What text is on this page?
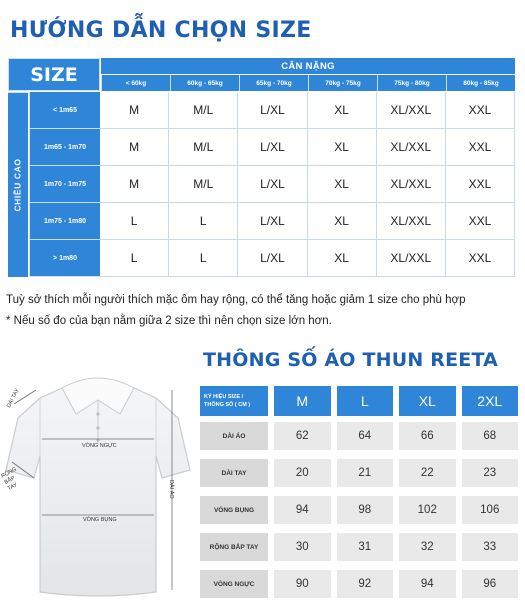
HƯỚNG DẪN CHỌN SIZE
SIZE	CÂN NẶNG
< 60kg	60kg - 65kg	65kg - 70kg	70kg - 75kg	75kg - 80kg	80kg - 85kg
CHIỀU CAO
< 1m65	M	M/L	L/XL	XL	XL/XXL	XXL
1m65 - 1m70	M	M/L	L/XL	XL	XL/XXL	XXL
1m70 - 1m75	M	M/L	L/XL	XL	XL/XXL	XXL
1m75 - 1m80	L	L	L/XL	XL	XL/XXL	XXL
> 1m80	L	L	L/XL	XL	XL/XXL	XXL
Tuỳ sở thích mỗi người thích mặc ôm hay rộng, có thể tăng hoặc giảm 1 size cho phù hợp
* Nếu số đo của bạn nằm giữa 2 size thì nên chọn size lớn hơn.
THÔNG SỐ ÁO THUN REETA
DÀI TAY
VÒNG NGỰC
RỘNG BẮP TAY
VÒNG BỤNG
DÀI ÁO
KÝ HIỆU SIZE /
THÔNG SỐ ( CM )	M	L	XL	2XL
DÀI ÁO	62	64	66	68
DÀI TAY	20	21	22	23
VÒNG BỤNG	94	98	102	106
RỘNG BẮP TAY	30	31	32	33
VÒNG NGỰC	90	92	94	96
